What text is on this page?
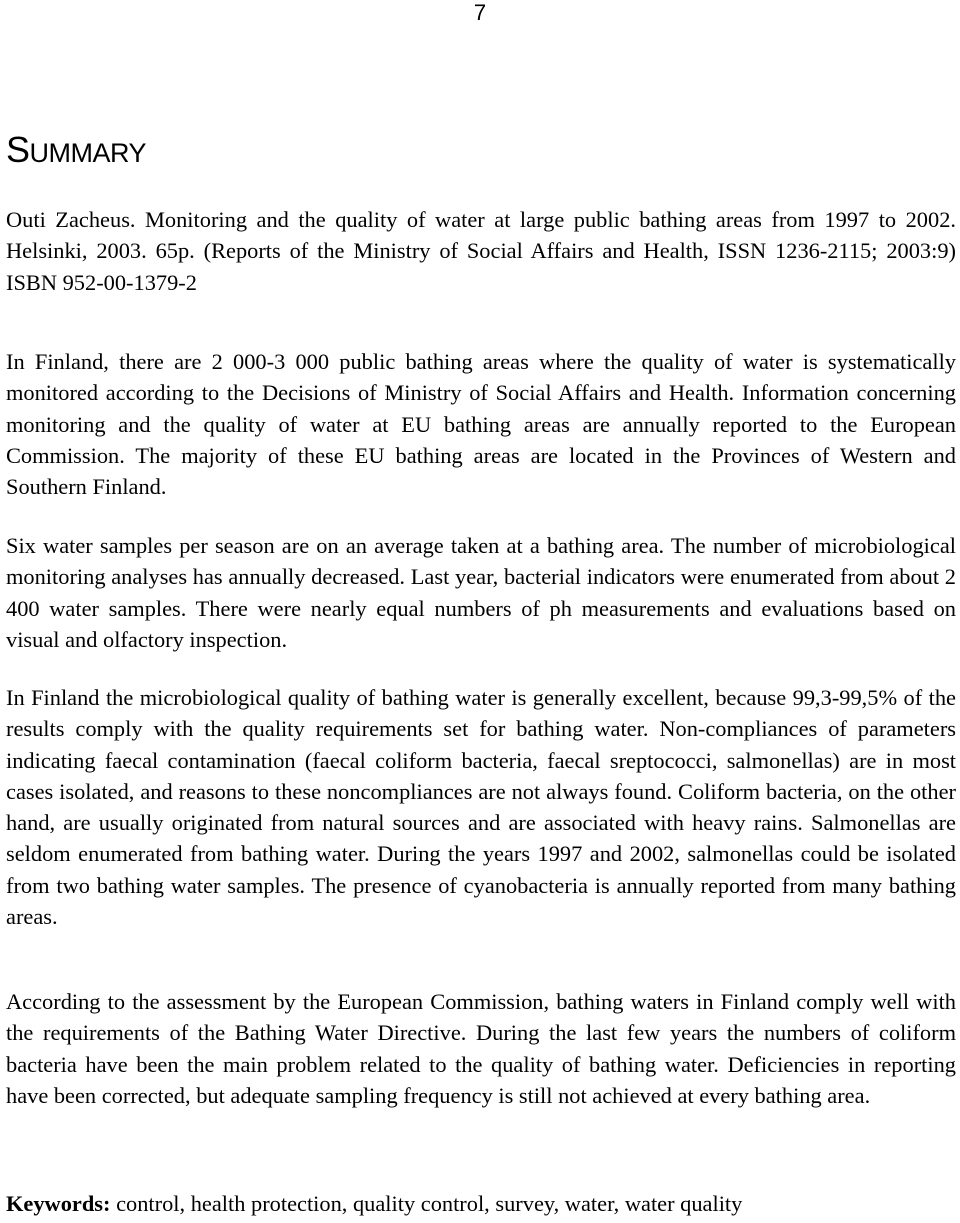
7
SUMMARY

Outi Zacheus. Monitoring and the quality of water at large public bathing areas from 1997 to 2002. Helsinki, 2003. 65p. (Reports of the Ministry of Social Affairs and Health, ISSN 1236-2115; 2003:9) ISBN 952-00-1379-2

In Finland, there are 2 000-3 000 public bathing areas where the quality of water is systematically monitored according to the Decisions of Ministry of Social Affairs and Health. Information concerning monitoring and the quality of water at EU bathing areas are annually reported to the European Commission. The majority of these EU bathing areas are located in the Provinces of Western and Southern Finland.

Six water samples per season are on an average taken at a bathing area. The number of microbiological monitoring analyses has annually decreased. Last year, bacterial indicators were enumerated from about 2 400 water samples. There were nearly equal numbers of ph measurements and evaluations based on visual and olfactory inspection.

In Finland the microbiological quality of bathing water is generally excellent, because 99,3-99,5% of the results comply with the quality requirements set for bathing water. Non-compliances of parameters indicating faecal contamination (faecal coliform bacteria, faecal sreptococci, salmonellas) are in most cases isolated, and reasons to these noncompliances are not always found. Coliform bacteria, on the other hand, are usually originated from natural sources and are associated with heavy rains. Salmonellas are seldom enumerated from bathing water. During the years 1997 and 2002, salmonellas could be isolated from two bathing water samples. The presence of cyanobacteria is annually reported from many bathing areas.

According to the assessment by the European Commission, bathing waters in Finland comply well with the requirements of the Bathing Water Directive. During the last few years the numbers of coliform bacteria have been the main problem related to the quality of bathing water. Deficiencies in reporting have been corrected, but adequate sampling frequency is still not achieved at every bathing area.

Keywords: control, health protection, quality control, survey, water, water quality
